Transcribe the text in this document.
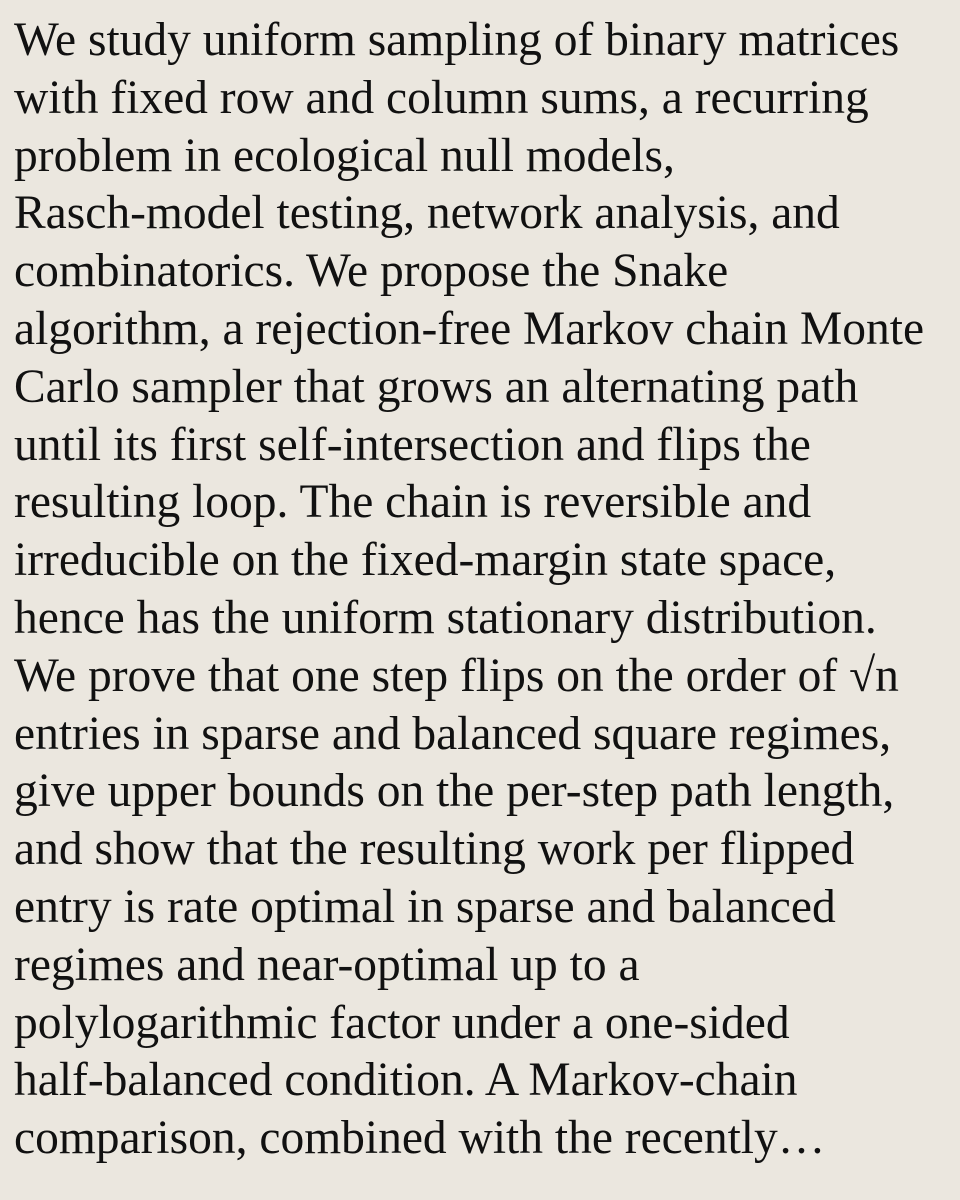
We study uniform sampling of binary matrices
with fixed row and column sums, a recurring
problem in ecological null models,
Rasch-model testing, network analysis, and
combinatorics. We propose the Snake
algorithm, a rejection-free Markov chain Monte
Carlo sampler that grows an alternating path
until its first self-intersection and flips the
resulting loop. The chain is reversible and
irreducible on the fixed-margin state space,
hence has the uniform stationary distribution.
We prove that one step flips on the order of √n
entries in sparse and balanced square regimes,
give upper bounds on the per-step path length,
and show that the resulting work per flipped
entry is rate optimal in sparse and balanced
regimes and near-optimal up to a
polylogarithmic factor under a one-sided
half-balanced condition. A Markov-chain
comparison, combined with the recently…
